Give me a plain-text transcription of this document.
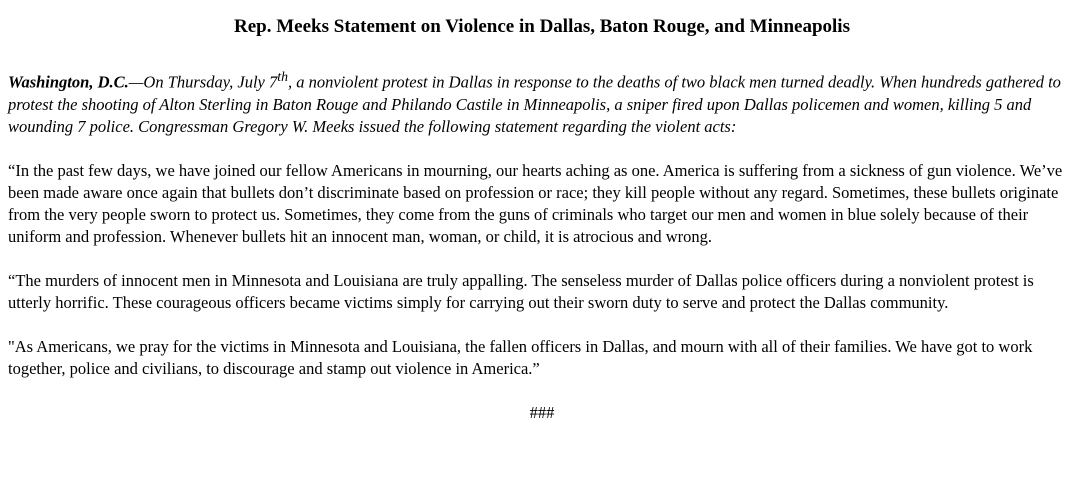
Rep. Meeks Statement on Violence in Dallas, Baton Rouge, and Minneapolis

Washington, D.C.—On Thursday, July 7th, a nonviolent protest in Dallas in response to the deaths of two black men turned deadly. When hundreds gathered to protest the shooting of Alton Sterling in Baton Rouge and Philando Castile in Minneapolis, a sniper fired upon Dallas policemen and women, killing 5 and wounding 7 police. Congressman Gregory W. Meeks issued the following statement regarding the violent acts:

“In the past few days, we have joined our fellow Americans in mourning, our hearts aching as one. America is suffering from a sickness of gun violence. We’ve been made aware once again that bullets don’t discriminate based on profession or race; they kill people without any regard. Sometimes, these bullets originate from the very people sworn to protect us. Sometimes, they come from the guns of criminals who target our men and women in blue solely because of their uniform and profession. Whenever bullets hit an innocent man, woman, or child, it is atrocious and wrong.

“The murders of innocent men in Minnesota and Louisiana are truly appalling. The senseless murder of Dallas police officers during a nonviolent protest is utterly horrific. These courageous officers became victims simply for carrying out their sworn duty to serve and protect the Dallas community.

"As Americans, we pray for the victims in Minnesota and Louisiana, the fallen officers in Dallas, and mourn with all of their families. We have got to work together, police and civilians, to discourage and stamp out violence in America.”

###
